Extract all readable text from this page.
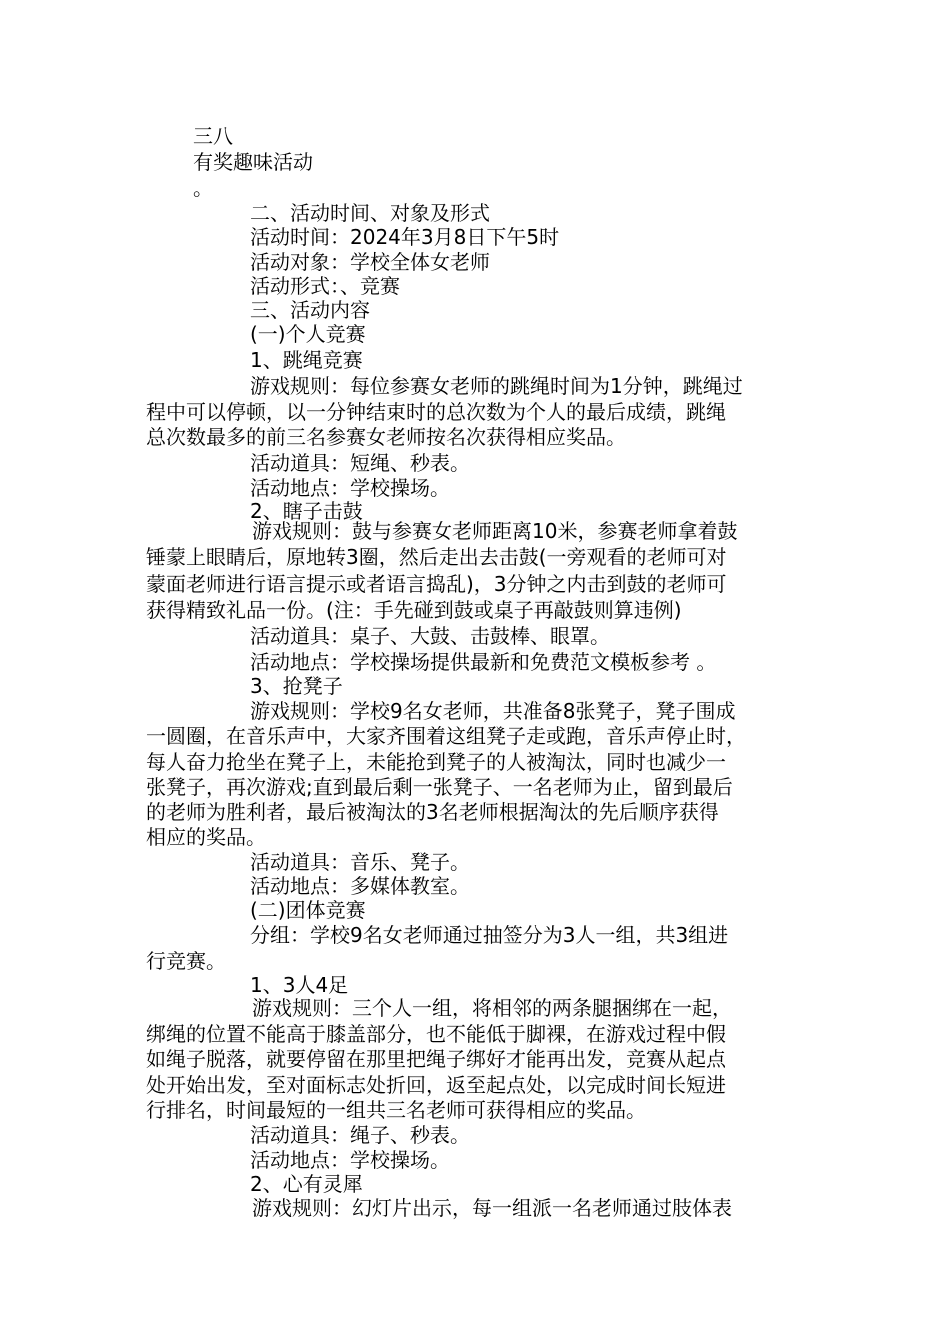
三八
有奖趣味活动
。
二、活动时间、对象及形式
活动时间：2024年3月8日下午5时
活动对象：学校全体女老师
活动形式：、竞赛
三、活动内容
(一)个人竞赛
1、跳绳竞赛
游戏规则：每位参赛女老师的跳绳时间为1分钟，跳绳过
程中可以停顿，以一分钟结束时的总次数为个人的最后成绩，跳绳
总次数最多的前三名参赛女老师按名次获得相应奖品。
活动道具：短绳、秒表。
活动地点：学校操场。
2、瞎子击鼓
游戏规则：鼓与参赛女老师距离10米，参赛老师拿着鼓
锤蒙上眼睛后，原地转3圈，然后走出去击鼓(一旁观看的老师可对
蒙面老师进行语言提示或者语言捣乱)，3分钟之内击到鼓的老师可
获得精致礼品一份。(注：手先碰到鼓或桌子再敲鼓则算违例)
活动道具：桌子、大鼓、击鼓棒、眼罩。
活动地点：学校操场提供最新和免费范文模板参考 。
3、抢凳子
游戏规则：学校9名女老师，共准备8张凳子，凳子围成
一圆圈，在音乐声中，大家齐围着这组凳子走或跑，音乐声停止时，
每人奋力抢坐在凳子上，未能抢到凳子的人被淘汰，同时也减少一
张凳子，再次游戏;直到最后剩一张凳子、一名老师为止，留到最后
的老师为胜利者，最后被淘汰的3名老师根据淘汰的先后顺序获得
相应的奖品。
活动道具：音乐、凳子。
活动地点：多媒体教室。
(二)团体竞赛
分组：学校9名女老师通过抽签分为3人一组，共3组进
行竞赛。
1、3人4足
游戏规则：三个人一组，将相邻的两条腿捆绑在一起，
绑绳的位置不能高于膝盖部分，也不能低于脚裸，在游戏过程中假
如绳子脱落，就要停留在那里把绳子绑好才能再出发，竞赛从起点
处开始出发，至对面标志处折回，返至起点处，以完成时间长短进
行排名，时间最短的一组共三名老师可获得相应的奖品。
活动道具：绳子、秒表。
活动地点：学校操场。
2、心有灵犀
游戏规则：幻灯片出示，每一组派一名老师通过肢体表
